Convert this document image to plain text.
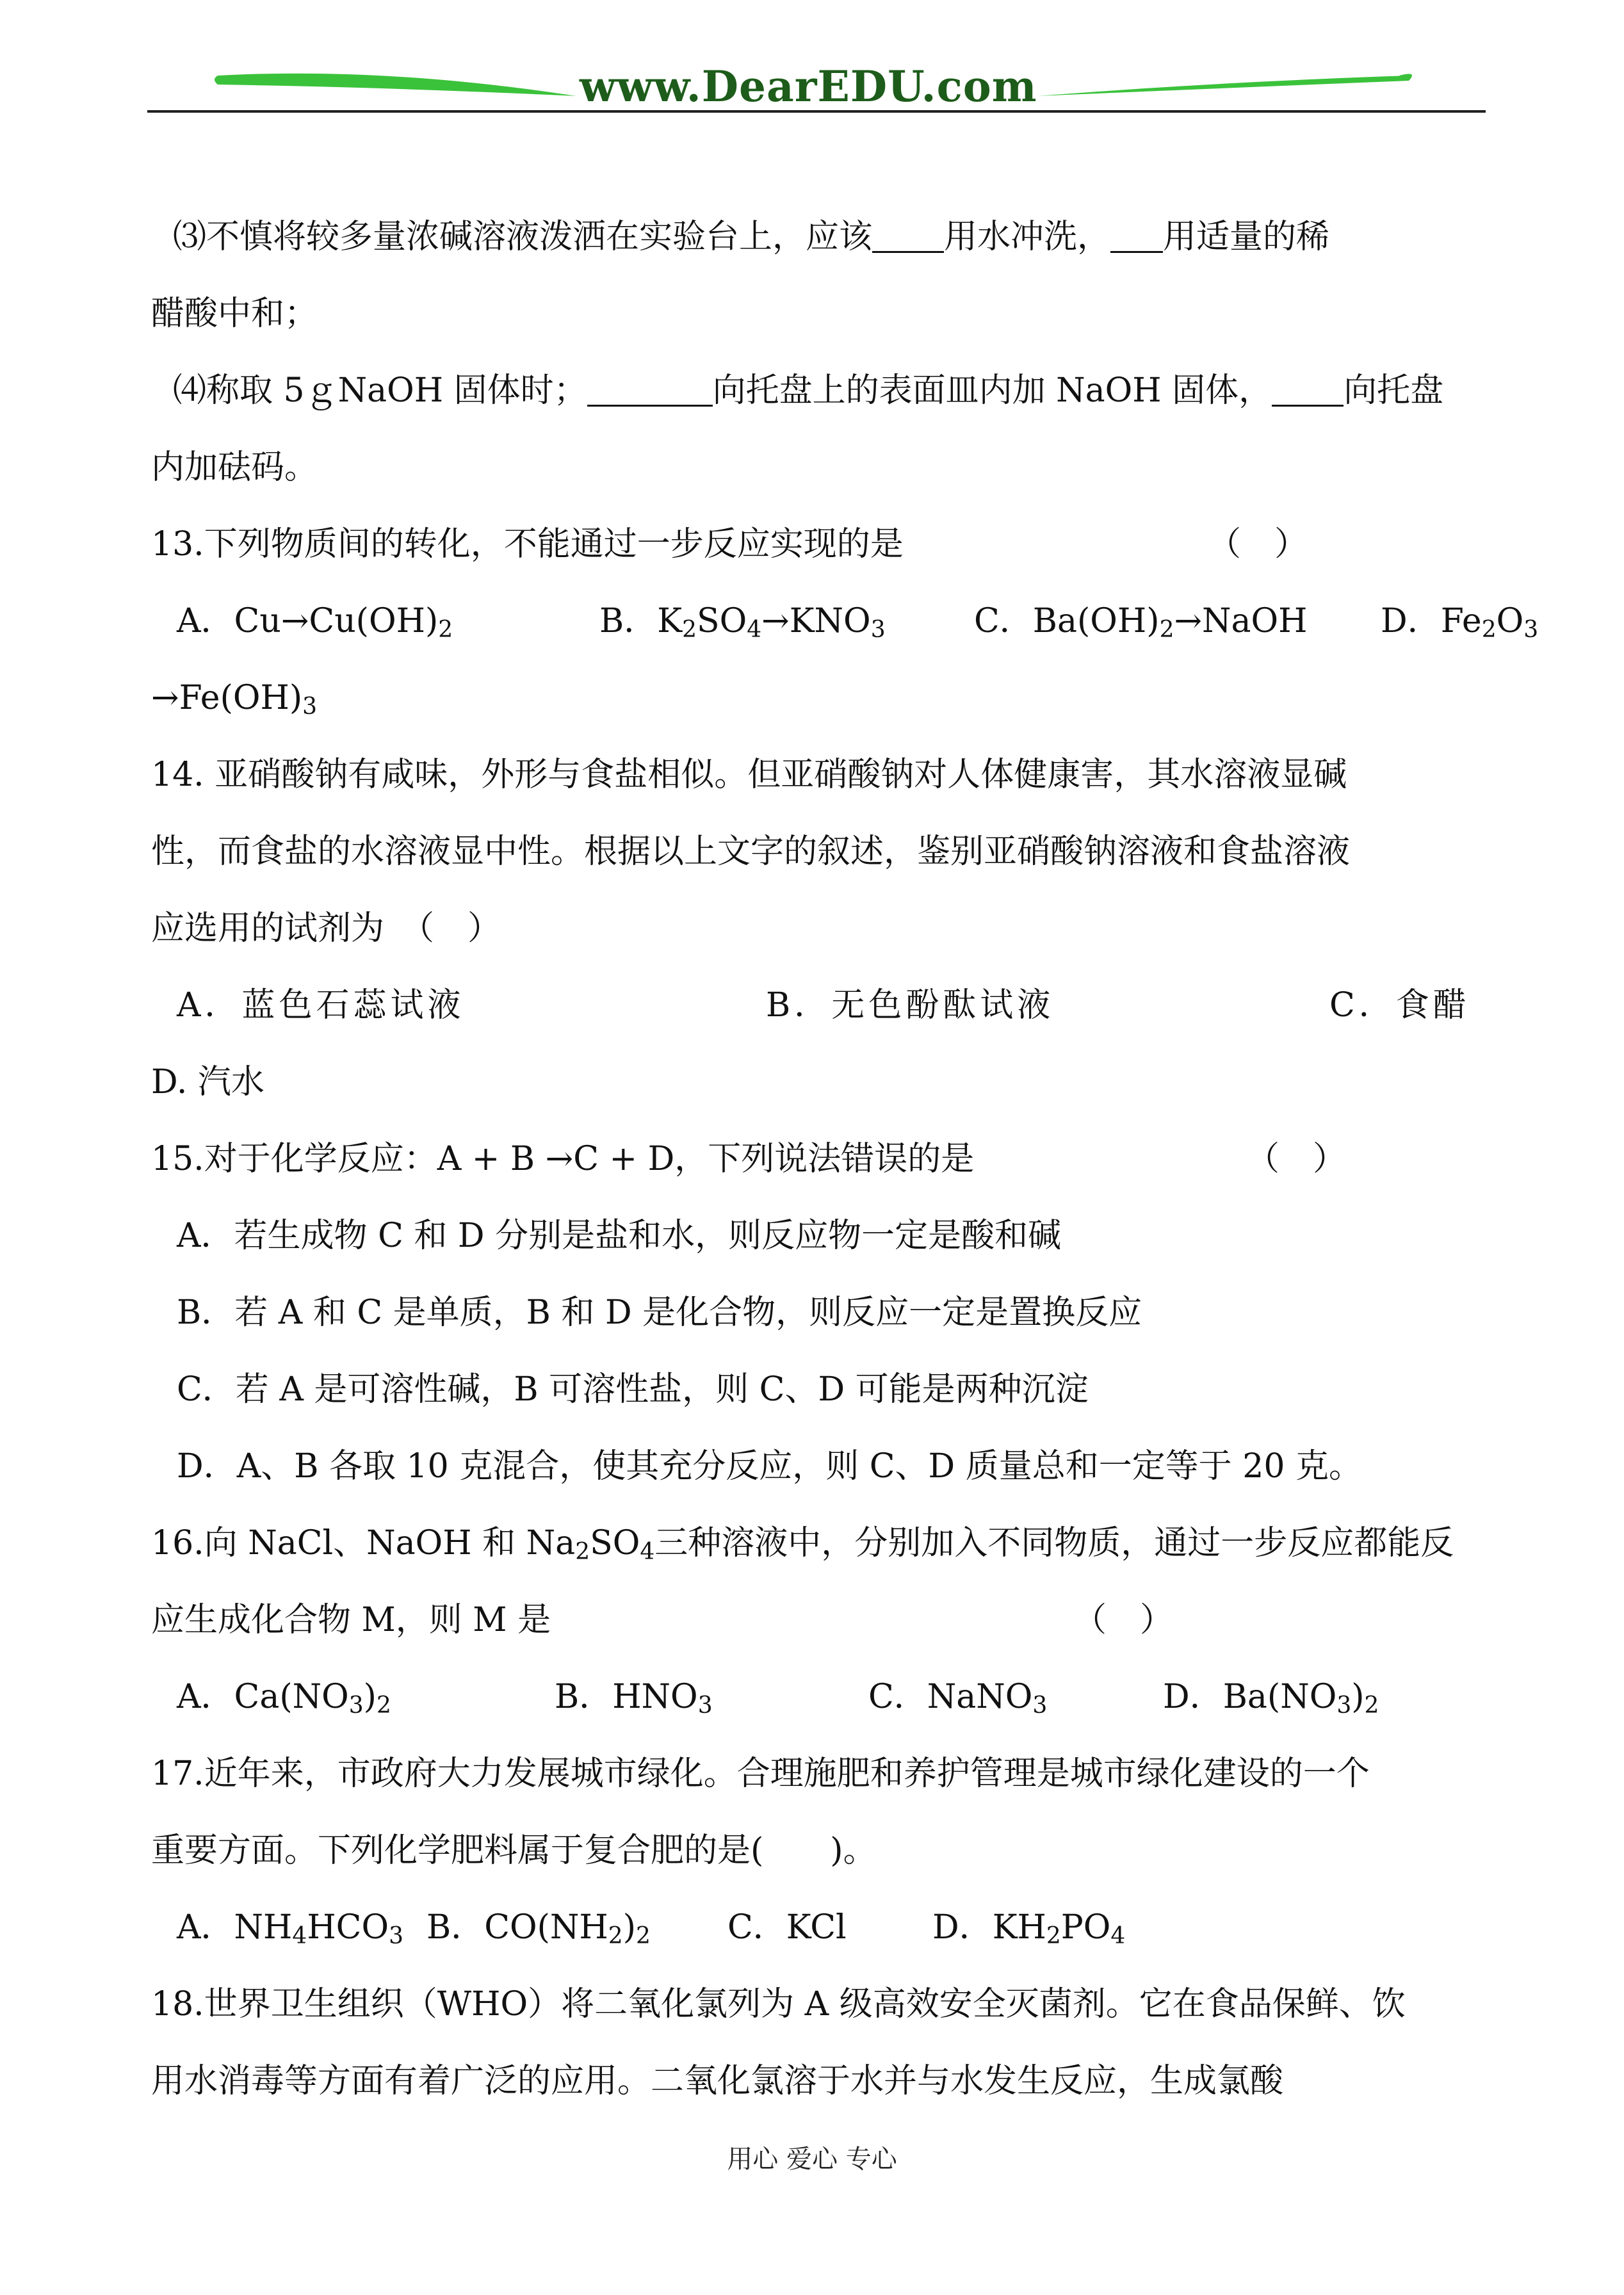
www.DearEDU.com
⑶不慎将较多量浓碱溶液泼洒在实验台上，应该 用水冲洗， 用适量的稀
醋酸中和；
⑷称取 5ｇNaOH 固体时；	向托盘上的表面皿内加 NaOH 固体， 向托盘
内加砝码。
13.下列物质间的转化，不能通过一步反应实现的是	（　）
A．$Cu\to Cu(OH)_2$	B．$K_2SO_4\to KNO_3$	C．$Ba(OH)_2\to NaOH$ D．$Fe_2O_3$
$\to Fe(OH)_3$
14. 亚硝酸钠有咸味，外形与食盐相似。但亚硝酸钠对人体健康害，其水溶液显碱
性，而食盐的水溶液显中性。根据以上文字的叙述，鉴别亚硝酸钠溶液和食盐溶液
应选用的试剂为　（　）
A．蓝色石蕊试液	B．无色酚酞试液	C．食醋
D. 汽水
15.对于化学反应：A + B →C + D，下列说法错误的是	（　）
A．若生成物 C 和 D 分别是盐和水，则反应物一定是酸和碱
B．若 A 和 C 是单质，B 和 D 是化合物，则反应一定是置换反应
C．若 A 是可溶性碱，B 可溶性盐，则 C、D 可能是两种沉淀
D．A、B 各取 10 克混合，使其充分反应，则 C、D 质量总和一定等于 20 克。
16.向 NaCl、NaOH 和 $Na_2SO_4$三种溶液中，分别加入不同物质，通过一步反应都能反
应生成化合物 M，则 M 是	（　）
A．$Ca(NO_3)_2$	B．$HNO_3$	C．NaNO$_3$	D．$Ba(NO_3)_2$
17.近年来，市政府大力发展城市绿化。合理施肥和养护管理是城市绿化建设的一个
重要方面。下列化学肥料属于复合肥的是(　　)。
A．$NH_4HCO_3$ B．$CO(NH_2)_2$ C．KCl	D．$KH_2PO_4$
18.世界卫生组织（WHO）将二氧化氯列为 A 级高效安全灭菌剂。它在食品保鲜、饮
用水消毒等方面有着广泛的应用。二氧化氯溶于水并与水发生反应，生成氯酸
用心 爱心 专心
